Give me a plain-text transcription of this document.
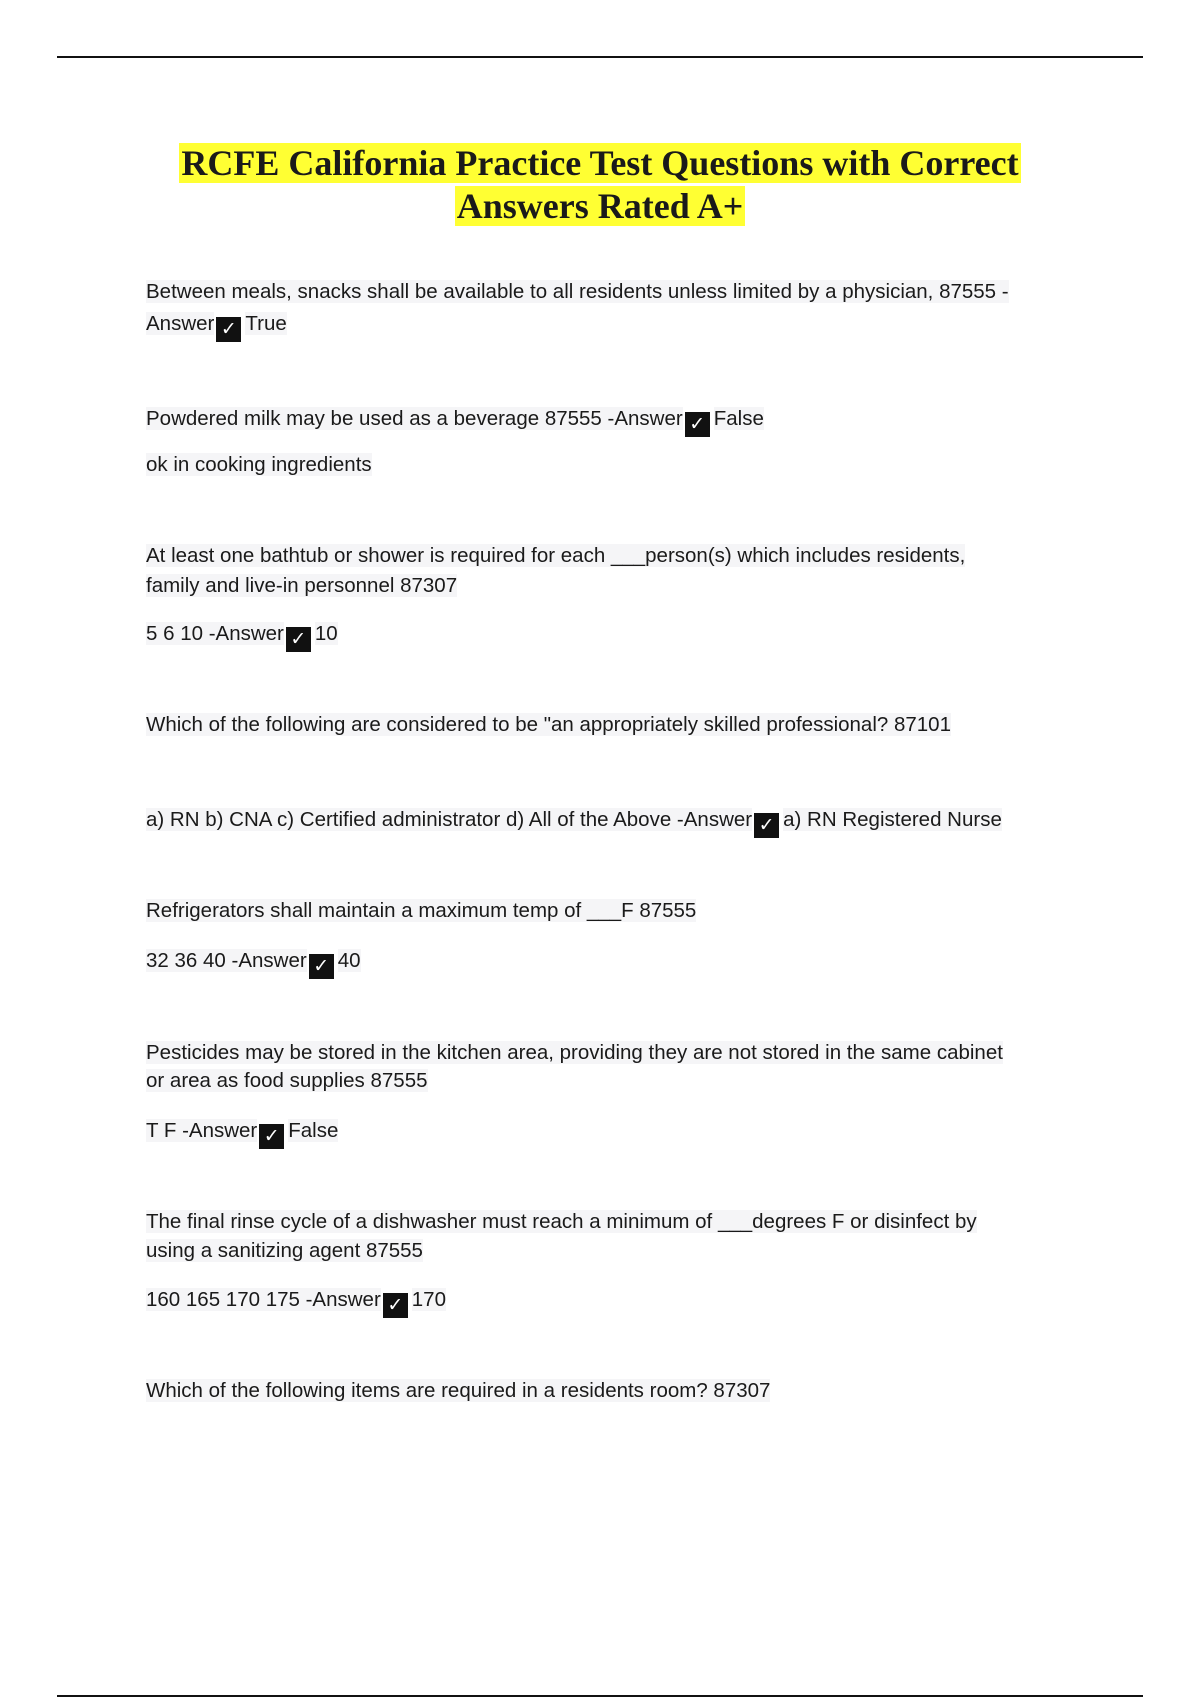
RCFE California Practice Test Questions with Correct
Answers Rated A+
Between meals, snacks shall be available to all residents unless limited by a physician, 87555 -
Answer ✓ True
Powdered milk may be used as a beverage 87555 -Answer ✓ False
ok in cooking ingredients
At least one bathtub or shower is required for each ___person(s) which includes residents,
family and live-in personnel 87307
5 6 10 -Answer ✓ 10
Which of the following are considered to be "an appropriately skilled professional? 87101
a) RN b) CNA c) Certified administrator d) All of the Above -Answer ✓ a) RN Registered Nurse
Refrigerators shall maintain a maximum temp of ___F 87555
32 36 40 -Answer ✓ 40
Pesticides may be stored in the kitchen area, providing they are not stored in the same cabinet
or area as food supplies 87555
T F -Answer ✓ False
The final rinse cycle of a dishwasher must reach a minimum of ___degrees F or disinfect by
using a sanitizing agent 87555
160 165 170 175 -Answer ✓ 170
Which of the following items are required in a residents room? 87307
